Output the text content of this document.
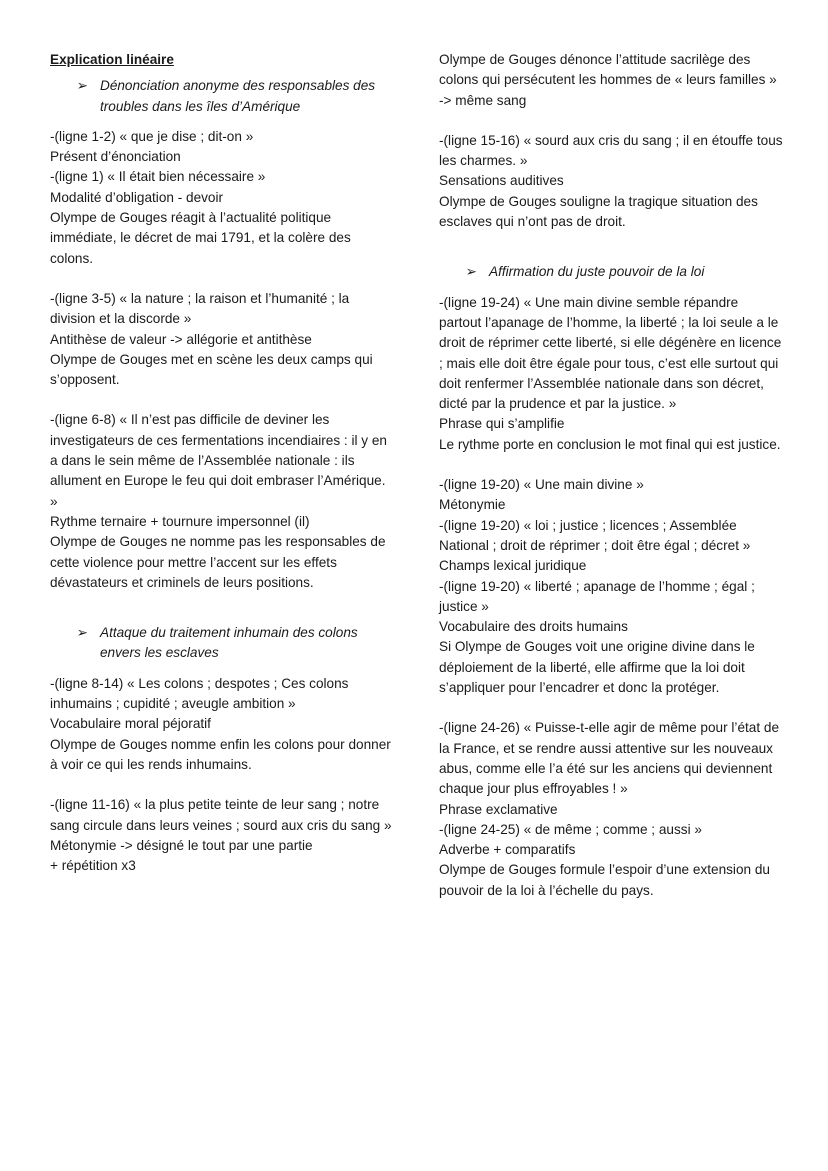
Explication linéaire
➢ Dénonciation anonyme des responsables des troubles dans les îles d’Amérique

-(ligne 1-2) « que je dise ; dit-on »

Présent d’énonciation

-(ligne 1) « Il était bien nécessaire »

Modalité d’obligation - devoir

Olympe de Gouges réagit à l’actualité politique immédiate, le décret de mai 1791, et la colère des colons.

-(ligne 3-5) « la nature ; la raison et l’humanité ; la division et la discorde »

Antithèse de valeur -> allégorie et antithèse

Olympe de Gouges met en scène les deux camps qui s’opposent.

-(ligne 6-8) « Il n’est pas difficile de deviner les investigateurs de ces fermentations incendiaires : il y en a dans le sein même de l’Assemblée nationale : ils allument en Europe le feu qui doit embraser l’Amérique. »

Rythme ternaire + tournure impersonnel (il)

Olympe de Gouges ne nomme pas les responsables de cette violence pour mettre l’accent sur les effets dévastateurs et criminels de leurs positions.

➢ Attaque du traitement inhumain des colons envers les esclaves

-(ligne 8-14) « Les colons ; despotes ; Ces colons inhumains ; cupidité ; aveugle ambition »

Vocabulaire moral péjoratif

Olympe de Gouges nomme enfin les colons pour donner à voir ce qui les rends inhumains.

-(ligne 11-16) « la plus petite teinte de leur sang ; notre sang circule dans leurs veines ; sourd aux cris du sang »

Métonymie -> désigné le tout par une partie

+ répétition x3

Olympe de Gouges dénonce l’attitude sacrilège des colons qui persécutent les hommes de « leurs familles » -> même sang

-(ligne 15-16) « sourd aux cris du sang ; il en étouffe tous les charmes. »

Sensations auditives

Olympe de Gouges souligne la tragique situation des esclaves qui n’ont pas de droit.

➢ Affirmation du juste pouvoir de la loi

-(ligne 19-24) « Une main divine semble répandre partout l’apanage de l’homme, la liberté ; la loi seule a le droit de réprimer cette liberté, si elle dégénère en licence ; mais elle doit être égale pour tous, c’est elle surtout qui doit renfermer l’Assemblée nationale dans son décret, dicté par la prudence et par la justice. »

Phrase qui s’amplifie

Le rythme porte en conclusion le mot final qui est justice.

-(ligne 19-20) « Une main divine »

Métonymie

-(ligne 19-20) « loi ; justice ; licences ; Assemblée National ; droit de réprimer ; doit être égal ; décret »

Champs lexical juridique

-(ligne 19-20) « liberté ; apanage de l’homme ; égal ; justice »

Vocabulaire des droits humains

Si Olympe de Gouges voit une origine divine dans le déploiement de la liberté, elle affirme que la loi doit s’appliquer pour l’encadrer et donc la protéger.

-(ligne 24-26) « Puisse-t-elle agir de même pour l’état de la France, et se rendre aussi attentive sur les nouveaux abus, comme elle l’a été sur les anciens qui deviennent chaque jour plus effroyables ! »

Phrase exclamative

-(ligne 24-25) « de même ; comme ; aussi »

Adverbe + comparatifs

Olympe de Gouges formule l’espoir d’une extension du pouvoir de la loi à l’échelle du pays.
